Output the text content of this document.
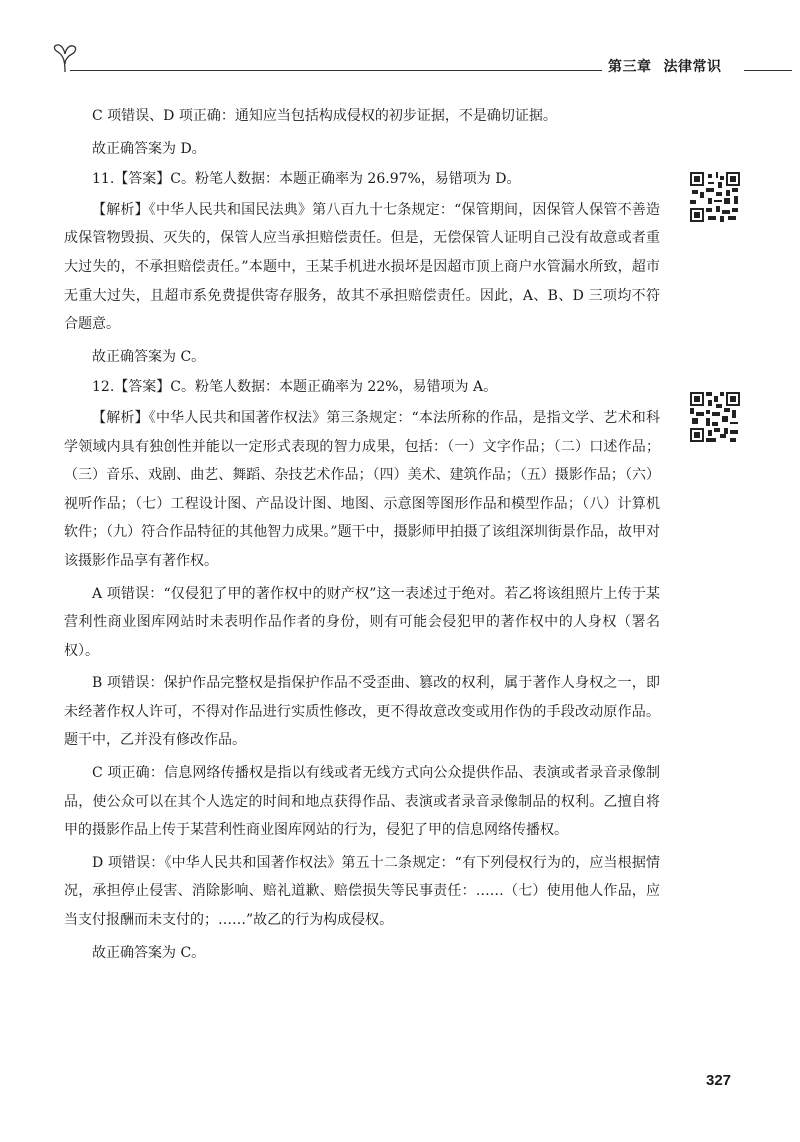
第三章 法律常识

C 项错误、D 项正确：通知应当包括构成侵权的初步证据，不是确切证据。

故正确答案为 D。

11.【答案】C。粉笔人数据：本题正确率为 26.97%，易错项为 D。

【解析】《中华人民共和国民法典》第八百九十七条规定：“保管期间，因保管人保管不善造成保管物毁损、灭失的，保管人应当承担赔偿责任。但是，无偿保管人证明自己没有故意或者重大过失的，不承担赔偿责任。”本题中，王某手机进水损坏是因超市顶上商户水管漏水所致，超市无重大过失，且超市系免费提供寄存服务，故其不承担赔偿责任。因此，A、B、D 三项均不符合题意。

故正确答案为 C。

12.【答案】C。粉笔人数据：本题正确率为 22%，易错项为 A。

【解析】《中华人民共和国著作权法》第三条规定：“本法所称的作品，是指文学、艺术和科学领域内具有独创性并能以一定形式表现的智力成果，包括：（一）文字作品；（二）口述作品；（三）音乐、戏剧、曲艺、舞蹈、杂技艺术作品；（四）美术、建筑作品；（五）摄影作品；（六）视听作品；（七）工程设计图、产品设计图、地图、示意图等图形作品和模型作品；（八）计算机软件；（九）符合作品特征的其他智力成果。”题干中，摄影师甲拍摄了该组深圳街景作品，故甲对该摄影作品享有著作权。

A 项错误：“仅侵犯了甲的著作权中的财产权”这一表述过于绝对。若乙将该组照片上传于某营利性商业图库网站时未表明作品作者的身份，则有可能会侵犯甲的著作权中的人身权（署名权）。

B 项错误：保护作品完整权是指保护作品不受歪曲、篡改的权利，属于著作人身权之一，即未经著作权人许可，不得对作品进行实质性修改，更不得故意改变或用作伪的手段改动原作品。题干中，乙并没有修改作品。

C 项正确：信息网络传播权是指以有线或者无线方式向公众提供作品、表演或者录音录像制品，使公众可以在其个人选定的时间和地点获得作品、表演或者录音录像制品的权利。乙擅自将甲的摄影作品上传于某营利性商业图库网站的行为，侵犯了甲的信息网络传播权。

D 项错误：《中华人民共和国著作权法》第五十二条规定：“有下列侵权行为的，应当根据情况，承担停止侵害、消除影响、赔礼道歉、赔偿损失等民事责任：……（七）使用他人作品，应当支付报酬而未支付的；……”故乙的行为构成侵权。

故正确答案为 C。

327
